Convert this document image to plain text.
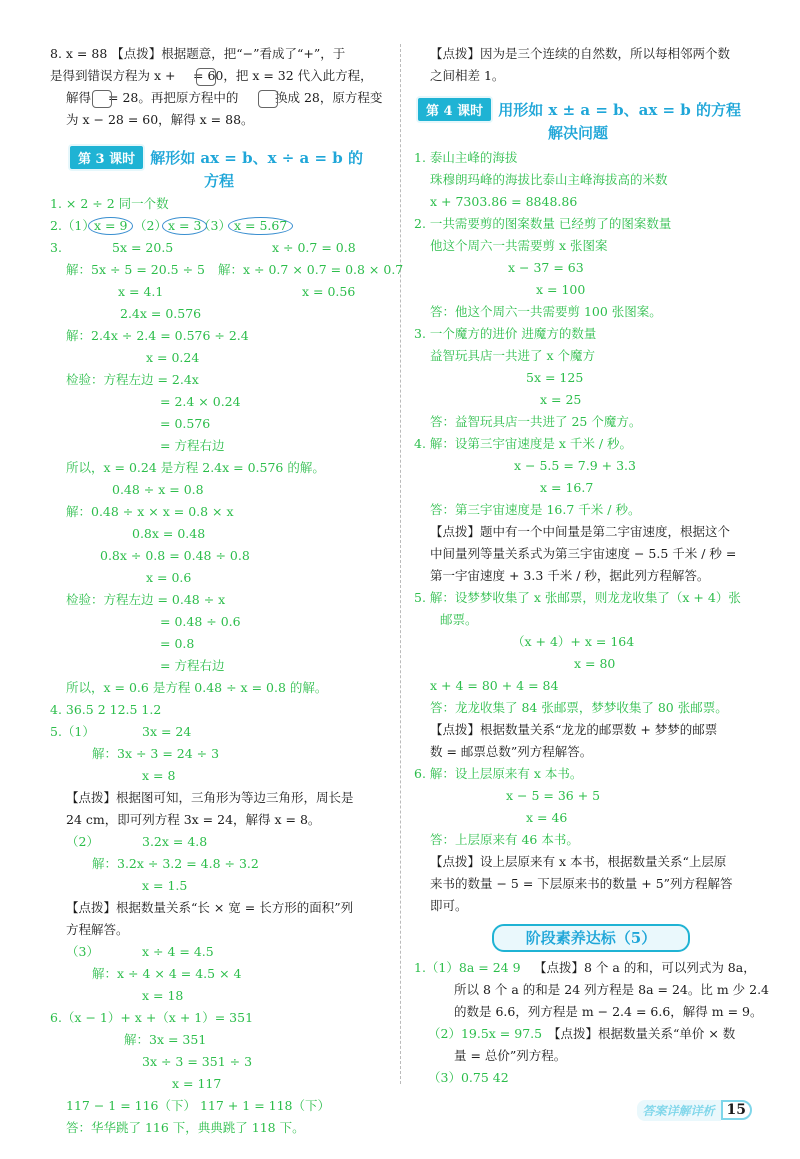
第 3 课时 解形如 ax = b、x ÷ a = b 的
方程
8. x = 88 【点拨】根据题意，把“−”看成了“+”，于
是得到错误方程为 x + = 60，把 x = 32 代入此方程，
解得 = 28。再把原方程中的	换成 28，原方程变
为 x − 28 = 60，解得 x = 88。
1. × 2 ÷ 2 同一个数
2.（1）	（2） （3）
3.	5x = 20.5	x ÷ 0.7 = 0.8
解：5x ÷ 5 = 20.5 ÷ 5 解：x ÷ 0.7 × 0.7 = 0.8 × 0.7
x = 4.1	x = 0.56
2.4x = 0.576
解：2.4x ÷ 2.4 = 0.576 ÷ 2.4
x = 0.24
检验：方程左边 = 2.4x
= 2.4 × 0.24
= 0.576
= 方程右边
所以，x = 0.24 是方程 2.4x = 0.576 的解。
0.48 ÷ x = 0.8
解：0.48 ÷ x × x = 0.8 × x
0.8x = 0.48
0.8x ÷ 0.8 = 0.48 ÷ 0.8
x = 0.6
检验：方程左边 = 0.48 ÷ x
= 0.48 ÷ 0.6
= 0.8
= 方程右边
所以，x = 0.6 是方程 0.48 ÷ x = 0.8 的解。
4. 36.5 2 12.5 1.2
5.（1）	3x = 24
解：3x ÷ 3 = 24 ÷ 3
x = 8
【点拨】根据图可知，三角形为等边三角形，周长是
24 cm，即可列方程 3x = 24，解得 x = 8。
（2）	3.2x = 4.8
解：3.2x ÷ 3.2 = 4.8 ÷ 3.2
x = 1.5
【点拨】根据数量关系“长 × 宽 = 长方形的面积”列
方程解答。
（3）	x ÷ 4 = 4.5
解：x ÷ 4 × 4 = 4.5 × 4
x = 18
6.（x − 1）+ x +（x + 1）= 351
解：3x = 351
3x ÷ 3 = 351 ÷ 3
x = 117
117 − 1 = 116（下） 117 + 1 = 118（下）
答：华华跳了 116 下，典典跳了 118 下。
x = 9	x = 3	x = 5.67
第 4 课时 用形如 x ± a = b、ax = b 的方程
解决问题
【点拨】因为是三个连续的自然数，所以每相邻两个数
之间相差 1。
1. 泰山主峰的海拔
珠穆朗玛峰的海拔比泰山主峰海拔高的米数
x + 7303.86 = 8848.86
2. 一共需要剪的图案数量 已经剪了的图案数量
他这个周六一共需要剪 x 张图案
x − 37 = 63
x = 100
答：他这个周六一共需要剪 100 张图案。
3. 一个魔方的进价 进魔方的数量
益智玩具店一共进了 x 个魔方
5x = 125
x = 25
答：益智玩具店一共进了 25 个魔方。
4. 解：设第三宇宙速度是 x 千米 / 秒。
x − 5.5 = 7.9 + 3.3
x = 16.7
答：第三宇宙速度是 16.7 千米 / 秒。
【点拨】题中有一个中间量是第二宇宙速度，根据这个
中间量列等量关系式为第三宇宙速度 − 5.5 千米 / 秒 =
第一宇宙速度 + 3.3 千米 / 秒，据此列方程解答。
5. 解：设梦梦收集了 x 张邮票，则龙龙收集了（x + 4）张
邮票。
（x + 4）+ x = 164
x = 80
x + 4 = 80 + 4 = 84
答：龙龙收集了 84 张邮票，梦梦收集了 80 张邮票。
【点拨】根据数量关系“龙龙的邮票数 + 梦梦的邮票
数 = 邮票总数”列方程解答。
6. 解：设上层原来有 x 本书。
x − 5 = 36 + 5
x = 46
答：上层原来有 46 本书。
【点拨】设上层原来有 x 本书，根据数量关系“上层原
来书的数量 − 5 = 下层原来书的数量 + 5”列方程解答
即可。
1.（1）8a = 24 9 【点拨】8 个 a 的和，可以列式为 8a，
所以 8 个 a 的和是 24 列方程是 8a = 24。比 m 少 2.4
的数是 6.6，列方程是 m − 2.4 = 6.6，解得 m = 9。
（2）19.5x = 97.5 【点拨】根据数量关系“单价 × 数
量 = 总价”列方程。
（3）0.75 42
阶段素养达标（5）
答案详解详析 15
